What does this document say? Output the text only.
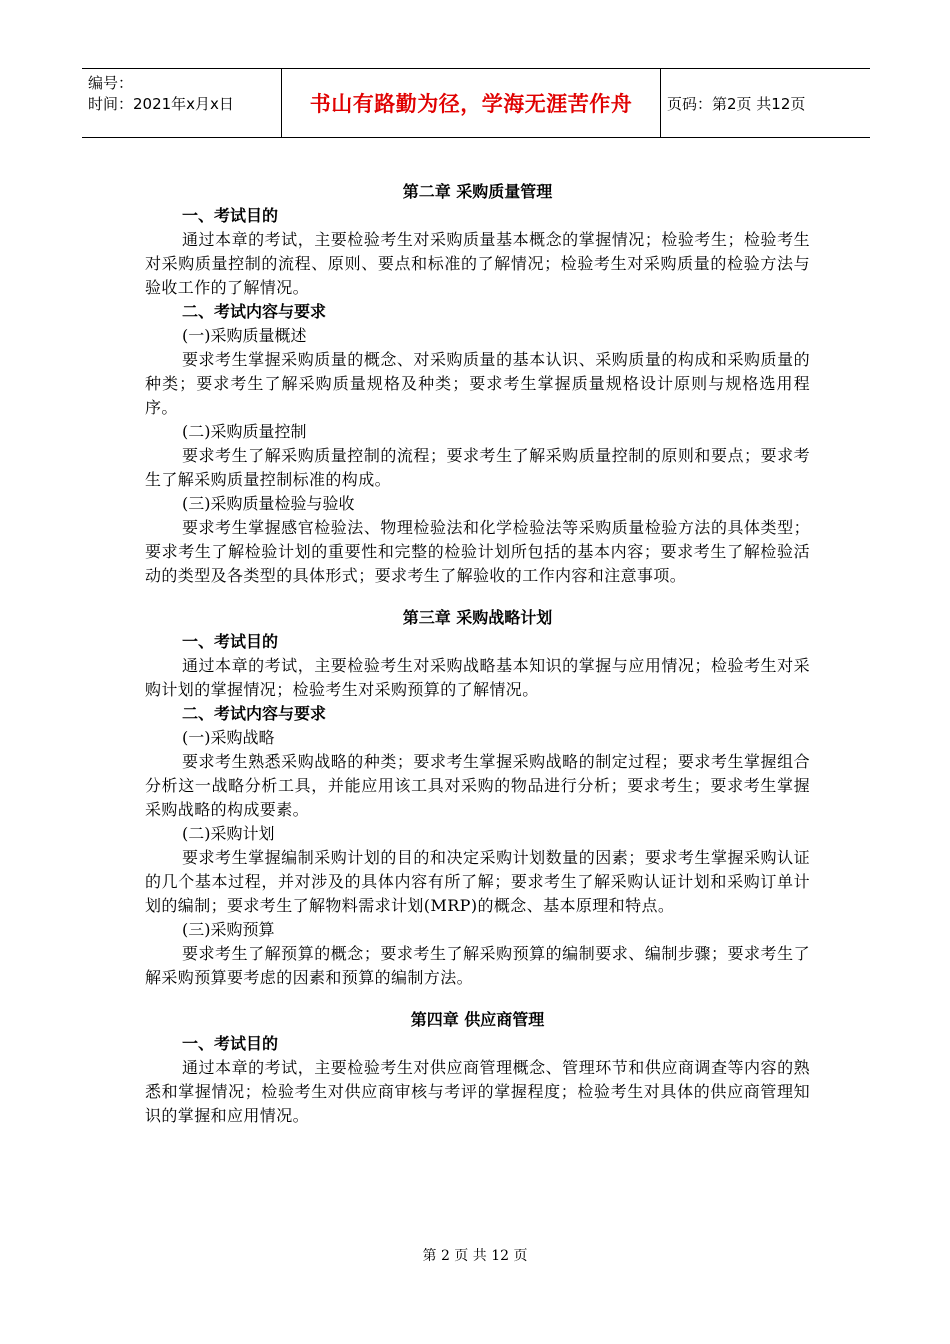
编号：
时间：2021年x月x日	书山有路勤为径，学海无涯苦作舟	页码：第2页 共12页

第二章 采购质量管理

一、考试目的

通过本章的考试，主要检验考生对采购质量基本概念的掌握情况；检验考生；检验考生对采购质量控制的流程、原则、要点和标准的了解情况；检验考生对采购质量的检验方法与验收工作的了解情况。

二、考试内容与要求

(一)采购质量概述

要求考生掌握采购质量的概念、对采购质量的基本认识、采购质量的构成和采购质量的种类；要求考生了解采购质量规格及种类；要求考生掌握质量规格设计原则与规格选用程序。

(二)采购质量控制

要求考生了解采购质量控制的流程；要求考生了解采购质量控制的原则和要点；要求考生了解采购质量控制标准的构成。

(三)采购质量检验与验收

要求考生掌握感官检验法、物理检验法和化学检验法等采购质量检验方法的具体类型；要求考生了解检验计划的重要性和完整的检验计划所包括的基本内容；要求考生了解检验活动的类型及各类型的具体形式；要求考生了解验收的工作内容和注意事项。

第三章 采购战略计划

一、考试目的

通过本章的考试，主要检验考生对采购战略基本知识的掌握与应用情况；检验考生对采购计划的掌握情况；检验考生对采购预算的了解情况。

二、考试内容与要求

(一)采购战略

要求考生熟悉采购战略的种类；要求考生掌握采购战略的制定过程；要求考生掌握组合分析这一战略分析工具，并能应用该工具对采购的物品进行分析；要求考生；要求考生掌握采购战略的构成要素。

(二)采购计划

要求考生掌握编制采购计划的目的和决定采购计划数量的因素；要求考生掌握采购认证的几个基本过程，并对涉及的具体内容有所了解；要求考生了解采购认证计划和采购订单计划的编制；要求考生了解物料需求计划(MRP)的概念、基本原理和特点。

(三)采购预算

要求考生了解预算的概念；要求考生了解采购预算的编制要求、编制步骤；要求考生了解采购预算要考虑的因素和预算的编制方法。

第四章 供应商管理

一、考试目的

通过本章的考试，主要检验考生对供应商管理概念、管理环节和供应商调查等内容的熟悉和掌握情况；检验考生对供应商审核与考评的掌握程度；检验考生对具体的供应商管理知识的掌握和应用情况。

第 2 页 共 12 页
